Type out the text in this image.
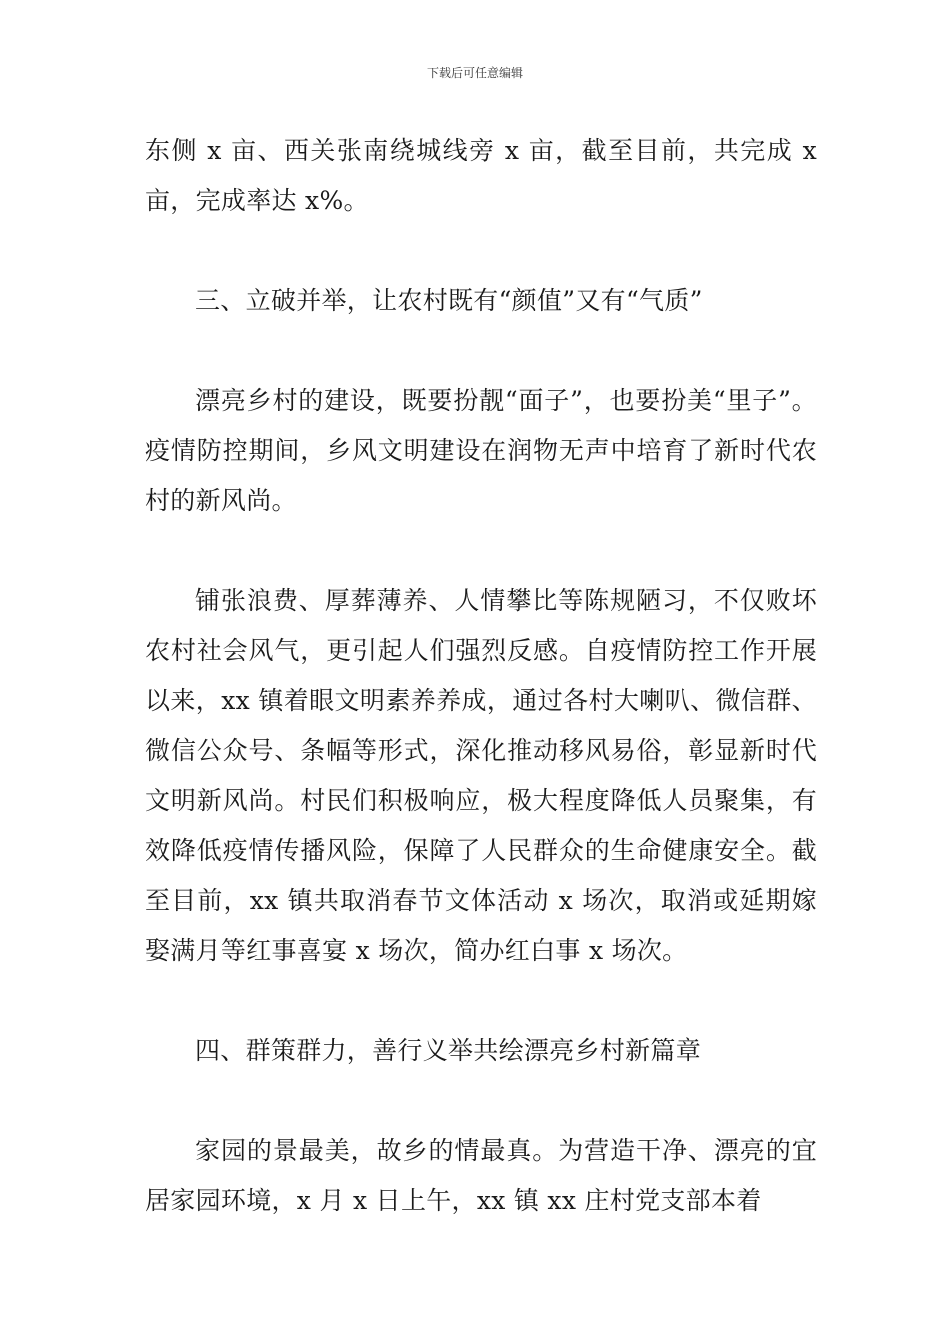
下载后可任意编辑

东侧 x 亩、西关张南绕城线旁 x 亩，截至目前，共完成 x 亩，完成率达 x%。

三、立破并举，让农村既有“颜值”又有“气质”

漂亮乡村的建设，既要扮靓“面子”，也要扮美“里子”。疫情防控期间，乡风文明建设在润物无声中培育了新时代农村的新风尚。

铺张浪费、厚葬薄养、人情攀比等陈规陋习，不仅败坏农村社会风气，更引起人们强烈反感。自疫情防控工作开展以来，xx 镇着眼文明素养养成，通过各村大喇叭、微信群、微信公众号、条幅等形式，深化推动移风易俗，彰显新时代文明新风尚。村民们积极响应，极大程度降低人员聚集，有效降低疫情传播风险，保障了人民群众的生命健康安全。截至目前，xx 镇共取消春节文体活动 x 场次，取消或延期嫁娶满月等红事喜宴 x 场次，简办红白事 x 场次。

四、群策群力，善行义举共绘漂亮乡村新篇章

家园的景最美，故乡的情最真。为营造干净、漂亮的宜居家园环境，x 月 x 日上午，xx 镇 xx 庄村党支部本着
